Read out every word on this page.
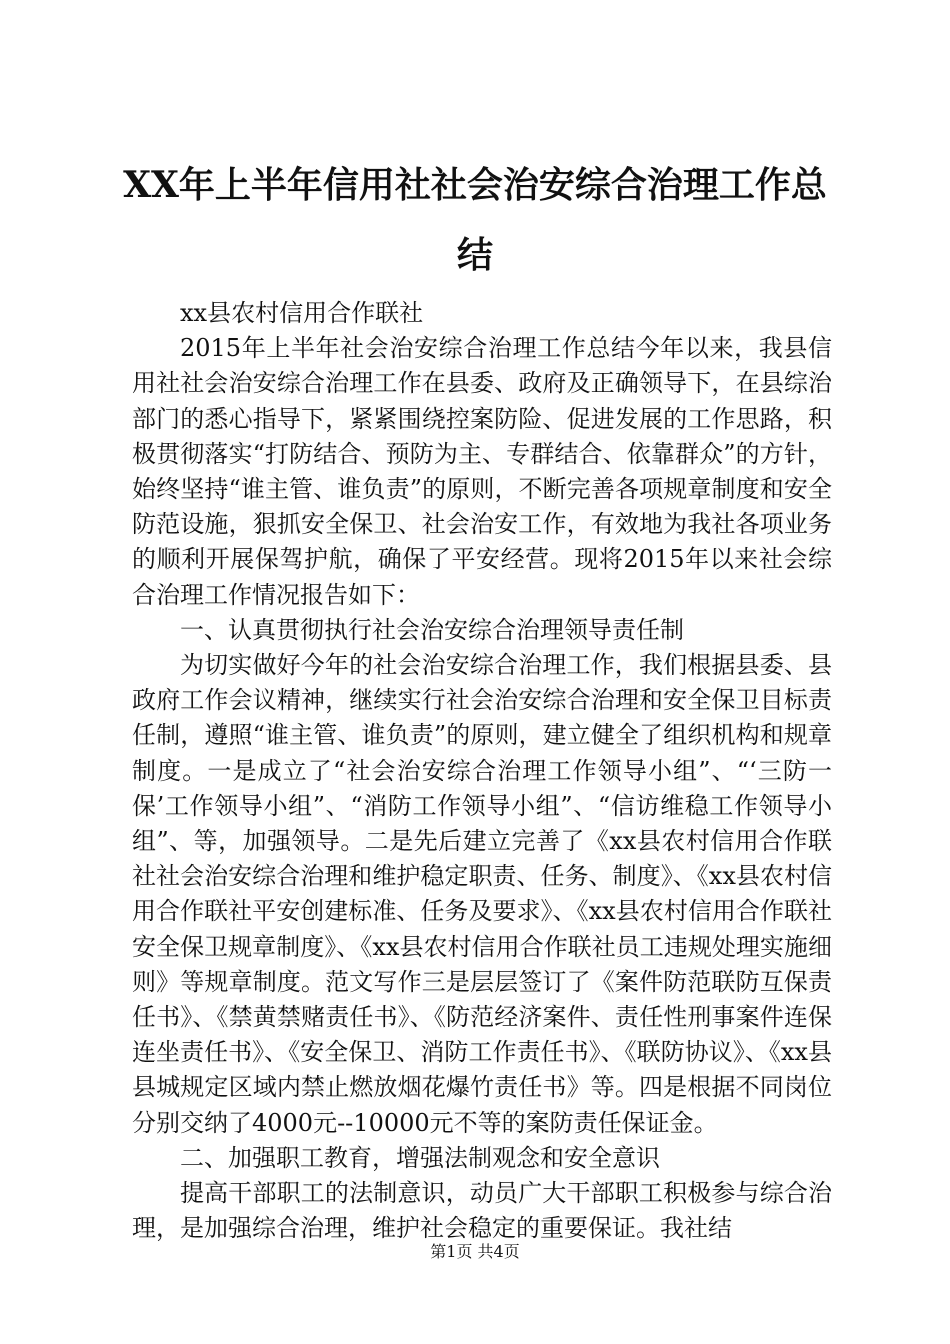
XX年上半年信用社社会治安综合治理工作总结

xx县农村信用合作联社

2015年上半年社会治安综合治理工作总结今年以来，我县信用社社会治安综合治理工作在县委、政府及正确领导下，在县综治部门的悉心指导下，紧紧围绕控案防险、促进发展的工作思路，积极贯彻落实“打防结合、预防为主、专群结合、依靠群众”的方针，始终坚持“谁主管、谁负责”的原则，不断完善各项规章制度和安全防范设施，狠抓安全保卫、社会治安工作，有效地为我社各项业务的顺利开展保驾护航，确保了平安经营。现将2015年以来社会综合治理工作情况报告如下：

一、认真贯彻执行社会治安综合治理领导责任制

为切实做好今年的社会治安综合治理工作，我们根据县委、县政府工作会议精神，继续实行社会治安综合治理和安全保卫目标责任制，遵照“谁主管、谁负责”的原则，建立健全了组织机构和规章制度。一是成立了“社会治安综合治理工作领导小组”、“‘三防一保’工作领导小组”、“消防工作领导小组”、“信访维稳工作领导小组”、等，加强领导。二是先后建立完善了《xx县农村信用合作联社社会治安综合治理和维护稳定职责、任务、制度》、《xx县农村信用合作联社平安创建标准、任务及要求》、《xx县农村信用合作联社安全保卫规章制度》、《xx县农村信用合作联社员工违规处理实施细则》等规章制度。范文写作三是层层签订了《案件防范联防互保责任书》、《禁黄禁赌责任书》、《防范经济案件、责任性刑事案件连保连坐责任书》、《安全保卫、消防工作责任书》、《联防协议》、《xx县县城规定区域内禁止燃放烟花爆竹责任书》等。四是根据不同岗位分别交纳了4000元--10000元不等的案防责任保证金。

二、加强职工教育，增强法制观念和安全意识

提高干部职工的法制意识，动员广大干部职工积极参与综合治理，是加强综合治理，维护社会稳定的重要保证。我社结

第1页 共4页
